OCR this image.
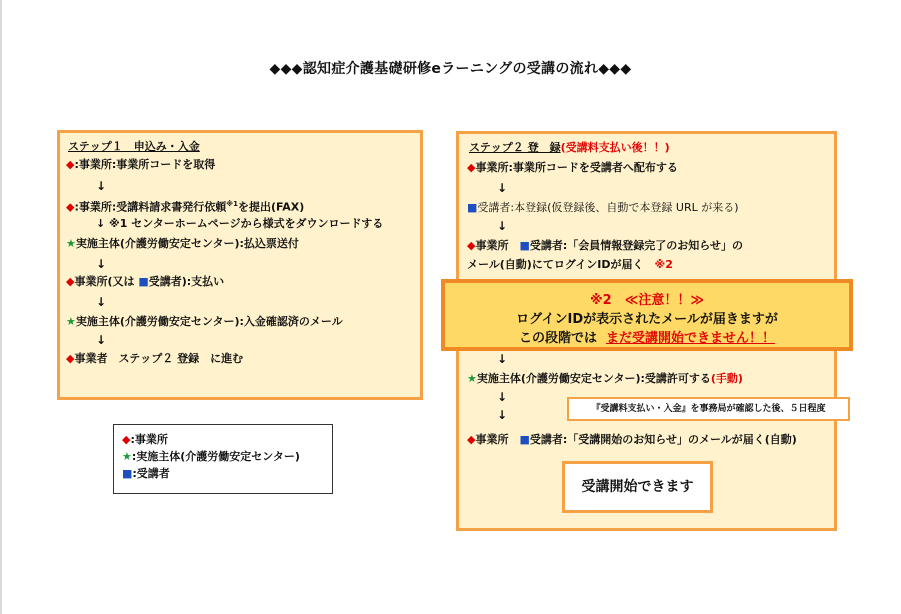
◆◆◆認知症介護基礎研修eラーニングの受講の流れ◆◆◆
ステップ１　申込み・入金
◆:事業所:事業所コードを取得
↓
◆:事業所:受講料請求書発行依頼$^{※1}$を提出(FAX)
↓ ※1 センターホームページから様式をダウンロードする
★実施主体(介護労働安定センター):払込票送付
↓
◆事業所(又は ■受講者):支払い
↓
★実施主体(介護労働安定センター):入金確認済のメール
↓
◆事業者　ステップ２ 登録　に進む
ステップ２ 登　録(受講料支払い後！！)
◆事業所:事業所コードを受講者へ配布する
↓
■受講者:本登録(仮登録後、自動で本登録 URL が来る)
↓
◆事業所　■受講者:「会員情報登録完了のお知らせ」の
メール(自動)にてログインIDが届く　※2
↓
★実施主体(介護労働安定センター):受講許可する(手動)
↓
↓
◆事業所　■受講者:「受講開始のお知らせ」のメールが届く(自動)
※2　≪注意！！≫
ログインIDが表示されたメールが届きますが
この段階では まだ受講開始できません！！
『受講料支払い・入金』を事務局が確認した後、５日程度
受講開始できます
◆:事業所
★:実施主体(介護労働安定センター)
■:受講者
